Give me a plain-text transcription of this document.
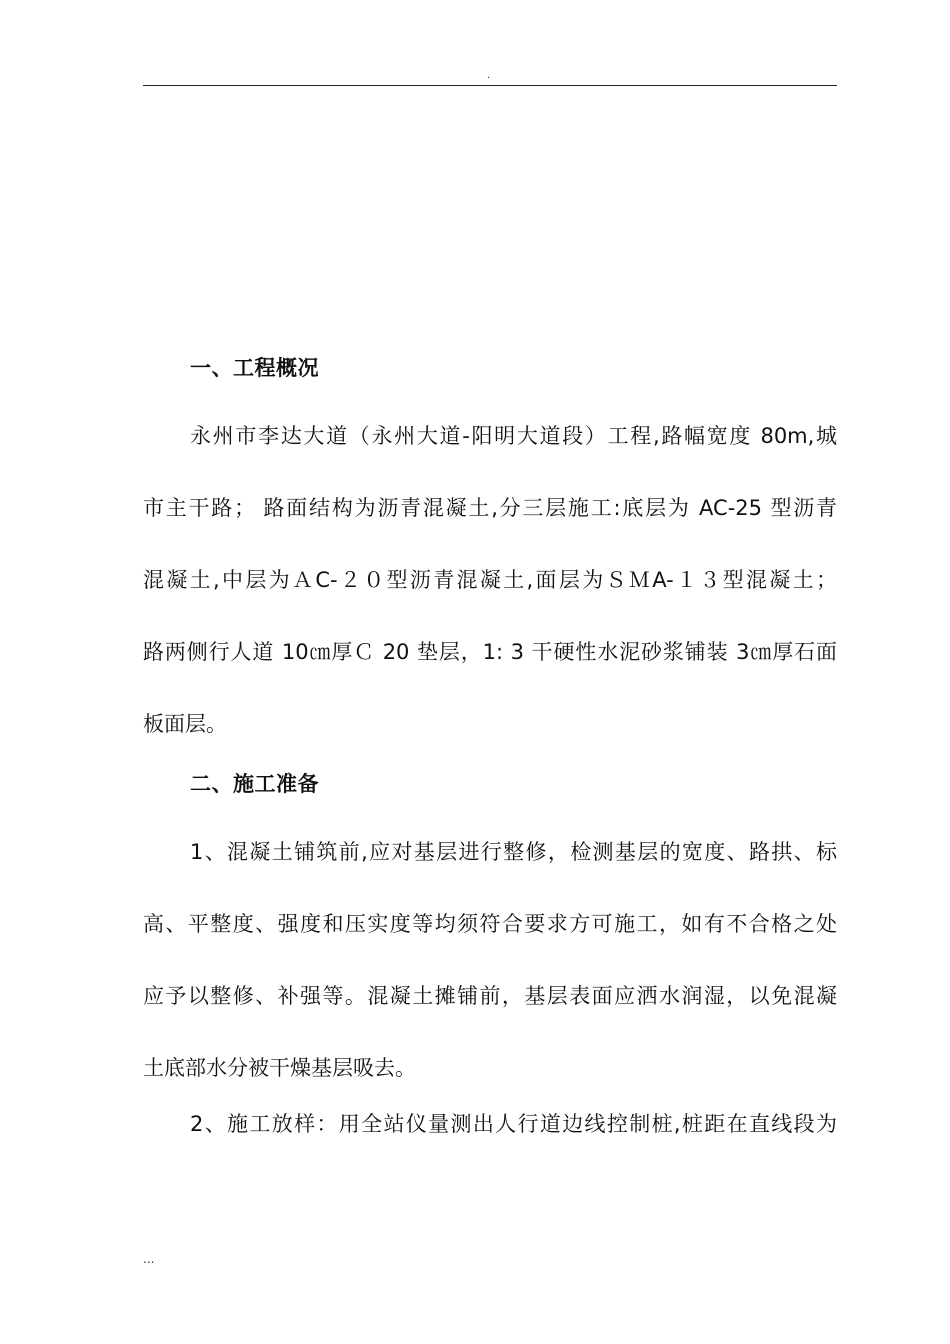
.
一、工程概况
永州市李达大道（永州大道-阳明大道段）工程,路幅宽度 80m,城
市主干路； 路面结构为沥青混凝土,分三层施工:底层为 AC-25 型沥青
混凝土,中层为ＡC-２０型沥青混凝土,面层为ＳＭA-１３型混凝土；
路两侧行人道 10㎝厚Ｃ 20 垫层，1: 3 干硬性水泥砂浆铺装 3㎝厚石面
板面层。
二、施工准备
1、混凝土铺筑前,应对基层进行整修，检测基层的宽度、路拱、标
高、平整度、强度和压实度等均须符合要求方可施工，如有不合格之处
应予以整修、补强等。混凝土摊铺前，基层表面应洒水润湿，以免混凝
土底部水分被干燥基层吸去。
2、施工放样：用全站仪量测出人行道边线控制桩,桩距在直线段为
...
